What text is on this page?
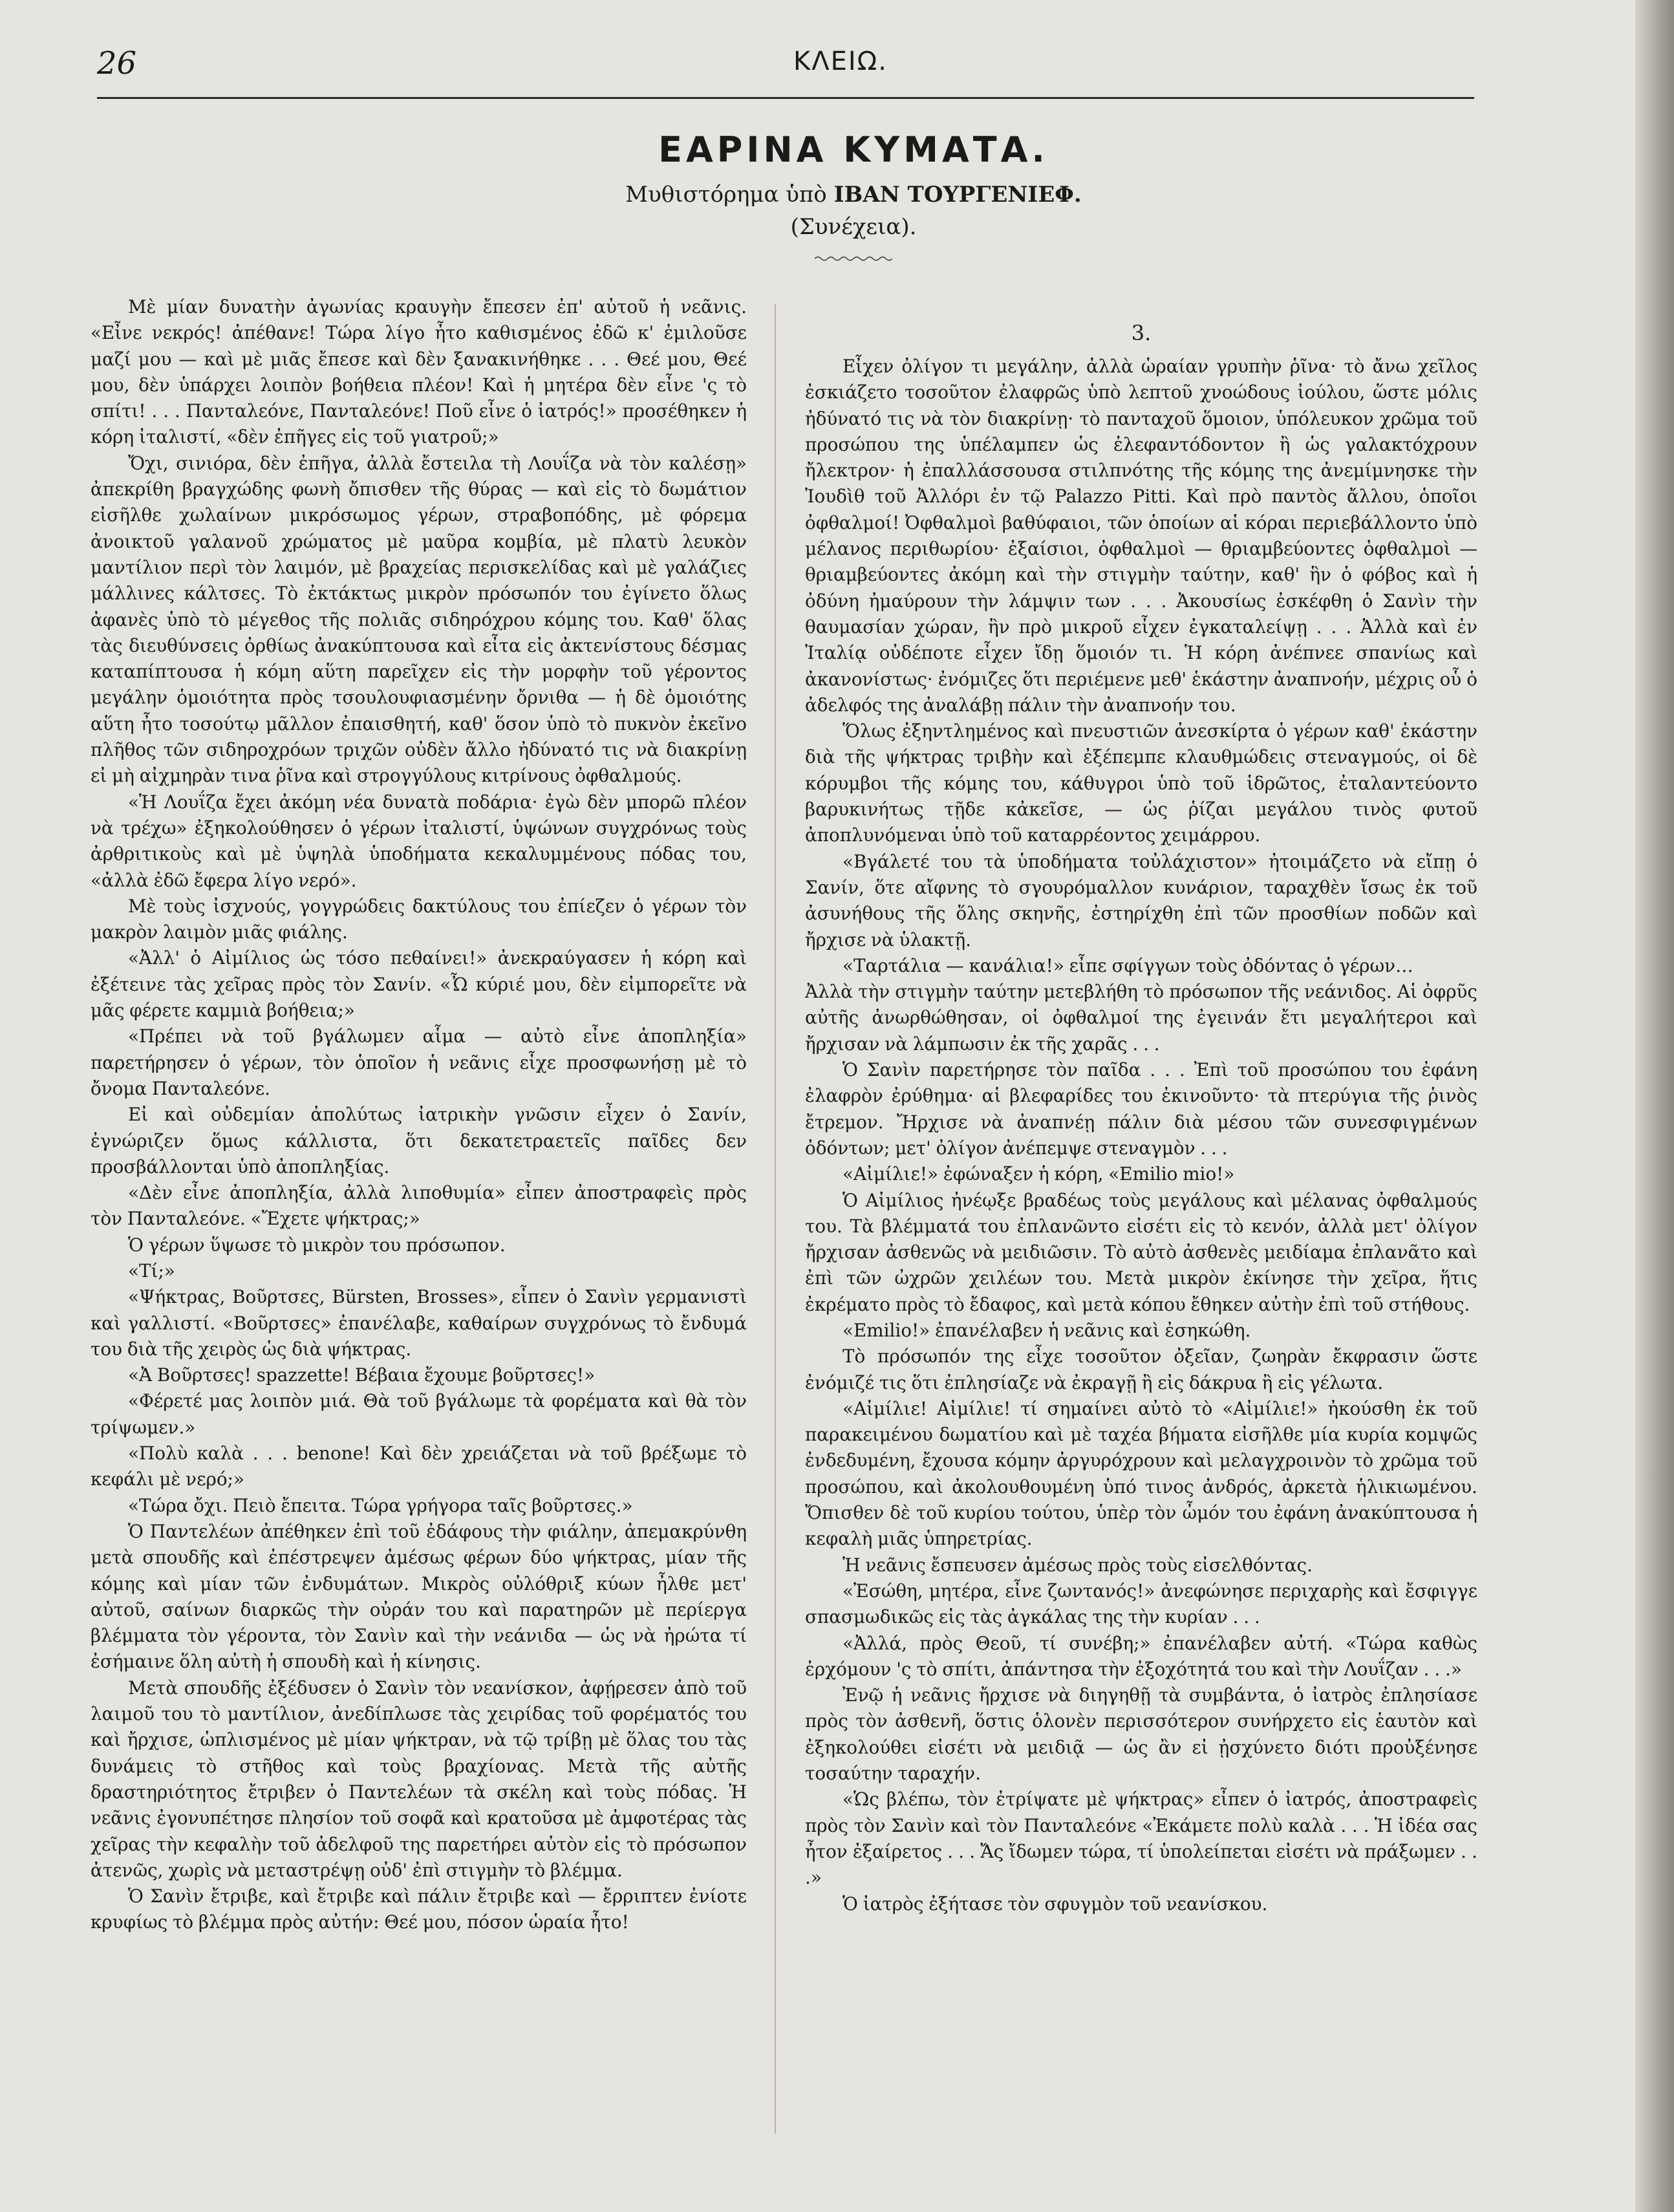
26	ΚΛΕΙΩ.
ΕΑΡΙΝΑ ΚΥΜΑΤΑ.

Μυθιστόρημα ὑπὸ ΙΒΑΝ ΤΟΥΡΓΕΝΙΕΦ.

(Συνέχεια).

Μὲ μίαν δυνατὴν ἀγωνίας κραυγὴν ἔπεσεν ἐπ' αὐτοῦ ἡ νεᾶνις. «Εἶνε νεκρός! ἀπέθανε! Τώρα λίγο ἦτο καθισμένος ἐδῶ κ' ἐμιλοῦσε μαζί μου — καὶ μὲ μιᾶς ἔπεσε καὶ δὲν ξανακινήθηκε . . . Θεέ μου, Θεέ μου, δὲν ὑπάρχει λοιπὸν βοήθεια πλέον! Καὶ ἡ μητέρα δὲν εἶνε 'ς τὸ σπίτι! . . . Πανταλεόνε, Πανταλεόνε! Ποῦ εἶνε ὁ ἰατρός!» προσέθηκεν ἡ κόρη ἰταλιστί, «δὲν ἐπῆγες εἰς τοῦ γιατροῦ;»

Ὄχι, σινιόρα, δὲν ἐπῆγα, ἀλλὰ ἔστειλα τὴ Λουΐζα νὰ τὸν καλέσῃ» ἀπεκρίθη βραγχώδης φωνὴ ὄπισθεν τῆς θύρας — καὶ εἰς τὸ δωμάτιον εἰσῆλθε χωλαίνων μικρόσωμος γέρων, στραβοπόδης, μὲ φόρεμα ἀνοικτοῦ γαλανοῦ χρώματος μὲ μαῦρα κομβία, μὲ πλατὺ λευκὸν μαντίλιον περὶ τὸν λαιμόν, μὲ βραχείας περισκελίδας καὶ μὲ γαλάζιες μάλλινες κάλτσες. Τὸ ἐκτάκτως μικρὸν πρόσωπόν του ἐγίνετο ὅλως ἀφανὲς ὑπὸ τὸ μέγεθος τῆς πολιᾶς σιδηρόχρου κόμης του. Καθ' ὅλας τὰς διευθύνσεις ὀρθίως ἀνακύπτουσα καὶ εἶτα εἰς ἀκτενίστους δέσμας καταπίπτουσα ἡ κόμη αὕτη παρεῖχεν εἰς τὴν μορφὴν τοῦ γέροντος μεγάλην ὁμοιότητα πρὸς τσουλουφιασμένην ὄρνιθα — ἡ δὲ ὁμοιότης αὕτη ἦτο τοσούτῳ μᾶλλον ἐπαισθητή, καθ' ὅσον ὑπὸ τὸ πυκνὸν ἐκεῖνο πλῆθος τῶν σιδηροχρόων τριχῶν οὐδὲν ἄλλο ἠδύνατό τις νὰ διακρίνῃ εἰ μὴ αἰχμηρὰν τινα ῥῖνα καὶ στρογγύλους κιτρίνους ὀφθαλμούς.

«Ἡ Λουΐζα ἔχει ἀκόμη νέα δυνατὰ ποδάρια· ἐγὼ δὲν μπορῶ πλέον νὰ τρέχω» ἐξηκολούθησεν ὁ γέρων ἰταλιστί, ὑψώνων συγχρόνως τοὺς ἀρθριτικοὺς καὶ μὲ ὑψηλὰ ὑποδήματα κεκαλυμμένους πόδας του, «ἀλλὰ ἐδῶ ἔφερα λίγο νερό».

Μὲ τοὺς ἰσχνούς, γογγρώδεις δακτύλους του ἐπίεζεν ὁ γέρων τὸν μακρὸν λαιμὸν μιᾶς φιάλης.

«Ἀλλ' ὁ Αἰμίλιος ὡς τόσο πεθαίνει!» ἀνεκραύγασεν ἡ κόρη καὶ ἐξέτεινε τὰς χεῖρας πρὸς τὸν Σανίν. «Ὦ κύριέ μου, δὲν εἰμπορεῖτε νὰ μᾶς φέρετε καμμιὰ βοήθεια;»

«Πρέπει νὰ τοῦ βγάλωμεν αἷμα — αὐτὸ εἶνε ἀποπληξία» παρετήρησεν ὁ γέρων, τὸν ὁποῖον ἡ νεᾶνις εἶχε προσφωνήσῃ μὲ τὸ ὄνομα Πανταλεόνε.

Εἰ καὶ οὐδεμίαν ἀπολύτως ἰατρικὴν γνῶσιν εἶχεν ὁ Σανίν, ἐγνώριζεν ὅμως κάλλιστα, ὅτι δεκατετραετεῖς παῖδες δεν προσβάλλονται ὑπὸ ἀποπληξίας.

«Δὲν εἶνε ἀποπληξία, ἀλλὰ λιποθυμία» εἶπεν ἀποστραφεὶς πρὸς τὸν Πανταλεόνε. «Ἔχετε ψήκτρας;»

Ὁ γέρων ὕψωσε τὸ μικρὸν του πρόσωπον.

«Τί;»

«Ψήκτρας, Βοῦρτσες, Bürsten, Brosses», εἶπεν ὁ Σανὶν γερμανιστὶ καὶ γαλλιστί. «Βοῦρτσες» ἐπανέλαβε, καθαίρων συγχρόνως τὸ ἔνδυμά του διὰ τῆς χειρὸς ὡς διὰ ψήκτρας.

«Ἀ Βοῦρτσες! spazzette! Βέβαια ἔχουμε βοῦρτσες!»

«Φέρετέ μας λοιπὸν μιά. Θὰ τοῦ βγάλωμε τὰ φορέματα καὶ θὰ τὸν τρίψωμεν.»

«Πολὺ καλὰ . . . benone! Καὶ δὲν χρειάζεται νὰ τοῦ βρέξωμε τὸ κεφάλι μὲ νερό;»

«Τώρα ὄχι. Πειὸ ἔπειτα. Τώρα γρήγορα ταῖς βοῦρτσες.»

Ὁ Παντελέων ἀπέθηκεν ἐπὶ τοῦ ἐδάφους τὴν φιάλην, ἀπεμακρύνθη μετὰ σπουδῆς καὶ ἐπέστρεψεν ἀμέσως φέρων δύο ψήκτρας, μίαν τῆς κόμης καὶ μίαν τῶν ἐνδυμάτων. Μικρὸς οὐλόθριξ κύων ἦλθε μετ' αὐτοῦ, σαίνων διαρκῶς τὴν οὐράν του καὶ παρατηρῶν μὲ περίεργα βλέμματα τὸν γέροντα, τὸν Σανὶν καὶ τὴν νεάνιδα — ὡς νὰ ἠρώτα τί ἐσήμαινε ὅλη αὐτὴ ἡ σπουδὴ καὶ ἡ κίνησις.

Μετὰ σπουδῆς ἐξέδυσεν ὁ Σανὶν τὸν νεανίσκον, ἀφῄρεσεν ἀπὸ τοῦ λαιμοῦ του τὸ μαντίλιον, ἀνεδίπλωσε τὰς χειρίδας τοῦ φορέματός του καὶ ἤρχισε, ὡπλισμένος μὲ μίαν ψήκτραν, νὰ τῷ τρίβῃ μὲ ὅλας του τὰς δυνάμεις τὸ στῆθος καὶ τοὺς βραχίονας. Μετὰ τῆς αὐτῆς δραστηριότητος ἔτριβεν ὁ Παντελέων τὰ σκέλη καὶ τοὺς πόδας. Ἡ νεᾶνις ἐγονυπέτησε πλησίον τοῦ σοφᾶ καὶ κρατοῦσα μὲ ἀμφοτέρας τὰς χεῖρας τὴν κεφαλὴν τοῦ ἀδελφοῦ της παρετήρει αὐτὸν εἰς τὸ πρόσωπον ἀτενῶς, χωρὶς νὰ μεταστρέψῃ οὐδ' ἐπὶ στιγμὴν τὸ βλέμμα.

Ὁ Σανὶν ἔτριβε, καὶ ἔτριβε καὶ πάλιν ἔτριβε καὶ — ἔρριπτεν ἐνίοτε κρυφίως τὸ βλέμμα πρὸς αὐτήν: Θεέ μου, πόσον ὡραία ἦτο!

3.

Εἶχεν ὀλίγον τι μεγάλην, ἀλλὰ ὡραίαν γρυπὴν ῥῖνα· τὸ ἄνω χεῖλος ἐσκιάζετο τοσοῦτον ἐλαφρῶς ὑπὸ λεπτοῦ χνοώδους ἰούλου, ὥστε μόλις ἠδύνατό τις νὰ τὸν διακρίνῃ· τὸ πανταχοῦ ὅμοιον, ὑπόλευκον χρῶμα τοῦ προσώπου της ὑπέλαμπεν ὡς ἐλεφαντόδοντον ἢ ὡς γαλακτόχρουν ἤλεκτρον· ἡ ἐπαλλάσσουσα στιλπνότης τῆς κόμης της ἀνεμίμνησκε τὴν Ἰουδὶθ τοῦ Ἀλλόρι ἐν τῷ Palazzo Pitti. Καὶ πρὸ παντὸς ἄλλου, ὁποῖοι ὀφθαλμοί! Ὀφθαλμοὶ βαθύφαιοι, τῶν ὁποίων αἱ κόραι περιεβάλλοντο ὑπὸ μέλανος περιθωρίου· ἐξαίσιοι, ὀφθαλμοὶ — θριαμβεύοντες ὀφθαλμοὶ — θριαμβεύοντες ἀκόμη καὶ τὴν στιγμὴν ταύτην, καθ' ἣν ὁ φόβος καὶ ἡ ὀδύνη ἠμαύρουν τὴν λάμψιν των . . . Ἀκουσίως ἐσκέφθη ὁ Σανὶν τὴν θαυμασίαν χώραν, ἣν πρὸ μικροῦ εἶχεν ἐγκαταλείψῃ . . . Ἀλλὰ καὶ ἐν Ἰταλίᾳ οὐδέποτε εἶχεν ἴδῃ ὅμοιόν τι. Ἡ κόρη ἀνέπνεε σπανίως καὶ ἀκανονίστως· ἐνόμιζες ὅτι περιέμενε μεθ' ἑκάστην ἀναπνοήν, μέχρις οὗ ὁ ἀδελφός της ἀναλάβῃ πάλιν τὴν ἀναπνοήν του.

Ὅλως ἐξηντλημένος καὶ πνευστιῶν ἀνεσκίρτα ὁ γέρων καθ' ἑκάστην διὰ τῆς ψήκτρας τριβὴν καὶ ἐξέπεμπε κλαυθμώδεις στεναγμούς, οἱ δὲ κόρυμβοι τῆς κόμης του, κάθυγροι ὑπὸ τοῦ ἱδρῶτος, ἐταλαντεύοντο βαρυκινήτως τῇδε κἀκεῖσε, — ὡς ῥίζαι μεγάλου τινὸς φυτοῦ ἀποπλυνόμεναι ὑπὸ τοῦ καταρρέοντος χειμάρρου.

«Βγάλετέ του τὰ ὑποδήματα τοὐλάχιστον» ἠτοιμάζετο νὰ εἴπῃ ὁ Σανίν, ὅτε αἴφνης τὸ σγουρόμαλλον κυνάριον, ταραχθὲν ἴσως ἐκ τοῦ ἀσυνήθους τῆς ὅλης σκηνῆς, ἐστηρίχθη ἐπὶ τῶν προσθίων ποδῶν καὶ ἤρχισε νὰ ὑλακτῇ.

«Ταρτάλια — κανάλια!» εἶπε σφίγγων τοὺς ὀδόντας ὁ γέρων…

Ἀλλὰ τὴν στιγμὴν ταύτην μετεβλήθη τὸ πρόσωπον τῆς νεάνιδος. Αἱ ὀφρῦς αὐτῆς ἀνωρθώθησαν, οἱ ὀφθαλμοί της ἐγεινάν ἔτι μεγαλήτεροι καὶ ἤρχισαν νὰ λάμπωσιν ἐκ τῆς χαρᾶς . . .

Ὁ Σανὶν παρετήρησε τὸν παῖδα . . . Ἐπὶ τοῦ προσώπου του ἐφάνη ἐλαφρὸν ἐρύθημα· αἱ βλεφαρίδες του ἐκινοῦντο· τὰ πτερύγια τῆς ῥινὸς ἔτρεμον. Ἤρχισε νὰ ἀναπνέῃ πάλιν διὰ μέσου τῶν συνεσφιγμένων ὀδόντων; μετ' ὀλίγον ἀνέπεμψε στεναγμὸν . . .

«Αἰμίλιε!» ἐφώναξεν ἡ κόρη, «Emilio mio!»

Ὁ Αἰμίλιος ἠνέῳξε βραδέως τοὺς μεγάλους καὶ μέλανας ὀφθαλμούς του. Τὰ βλέμματά του ἐπλανῶντο εἰσέτι εἰς τὸ κενόν, ἀλλὰ μετ' ὀλίγον ἤρχισαν ἀσθενῶς νὰ μειδιῶσιν. Τὸ αὐτὸ ἀσθενὲς μειδίαμα ἐπλανᾶτο καὶ ἐπὶ τῶν ὠχρῶν χειλέων του. Μετὰ μικρὸν ἐκίνησε τὴν χεῖρα, ἥτις ἐκρέματο πρὸς τὸ ἔδαφος, καὶ μετὰ κόπου ἔθηκεν αὐτὴν ἐπὶ τοῦ στήθους.

«Emilio!» ἐπανέλαβεν ἡ νεᾶνις καὶ ἐσηκώθη.

Τὸ πρόσωπόν της εἶχε τοσοῦτον ὀξεῖαν, ζωηρὰν ἔκφρασιν ὥστε ἐνόμιζέ τις ὅτι ἐπλησίαζε νὰ ἐκραγῇ ἢ εἰς δάκρυα ἢ εἰς γέλωτα.

«Αἰμίλιε! Αἰμίλιε! τί σημαίνει αὐτὸ τὸ «Αἰμίλιε!» ἠκούσθη ἐκ τοῦ παρακειμένου δωματίου καὶ μὲ ταχέα βήματα εἰσῆλθε μία κυρία κομψῶς ἐνδεδυμένη, ἔχουσα κόμην ἀργυρόχρουν καὶ μελαγχροινὸν τὸ χρῶμα τοῦ προσώπου, καὶ ἀκολουθουμένη ὑπό τινος ἀνδρός, ἀρκετὰ ἡλικιωμένου. Ὄπισθεν δὲ τοῦ κυρίου τούτου, ὑπὲρ τὸν ὦμόν του ἐφάνη ἀνακύπτουσα ἡ κεφαλὴ μιᾶς ὑπηρετρίας.

Ἡ νεᾶνις ἔσπευσεν ἀμέσως πρὸς τοὺς εἰσελθόντας.

«Ἐσώθη, μητέρα, εἶνε ζωντανός!» ἀνεφώνησε περιχαρὴς καὶ ἔσφιγγε σπασμωδικῶς εἰς τὰς ἀγκάλας της τὴν κυρίαν . . .

«Ἀλλά, πρὸς Θεοῦ, τί συνέβη;» ἐπανέλαβεν αὐτή. «Τώρα καθὼς ἐρχόμουν 'ς τὸ σπίτι, ἀπάντησα τὴν ἐξοχότητά του καὶ τὴν Λουΐζαν . . .»

Ἐνῷ ἡ νεᾶνις ἤρχισε νὰ διηγηθῇ τὰ συμβάντα, ὁ ἰατρὸς ἐπλησίασε πρὸς τὸν ἀσθενῆ, ὅστις ὁλονὲν περισσότερον συνήρχετο εἰς ἑαυτὸν καὶ ἐξηκολούθει εἰσέτι νὰ μειδιᾷ — ὡς ἂν εἰ ᾐσχύνετο διότι προὐξένησε τοσαύτην ταραχήν.

«Ὡς βλέπω, τὸν ἐτρίψατε μὲ ψήκτρας» εἶπεν ὁ ἰατρός, ἀποστραφεὶς πρὸς τὸν Σανὶν καὶ τὸν Πανταλεόνε «Ἐκάμετε πολὺ καλὰ . . . Ἡ ἰδέα σας ἦτον ἐξαίρετος . . . Ἄς ἴδωμεν τώρα, τί ὑπολείπεται εἰσέτι νὰ πράξωμεν . . .»

Ὁ ἰατρὸς ἐξήτασε τὸν σφυγμὸν τοῦ νεανίσκου.
